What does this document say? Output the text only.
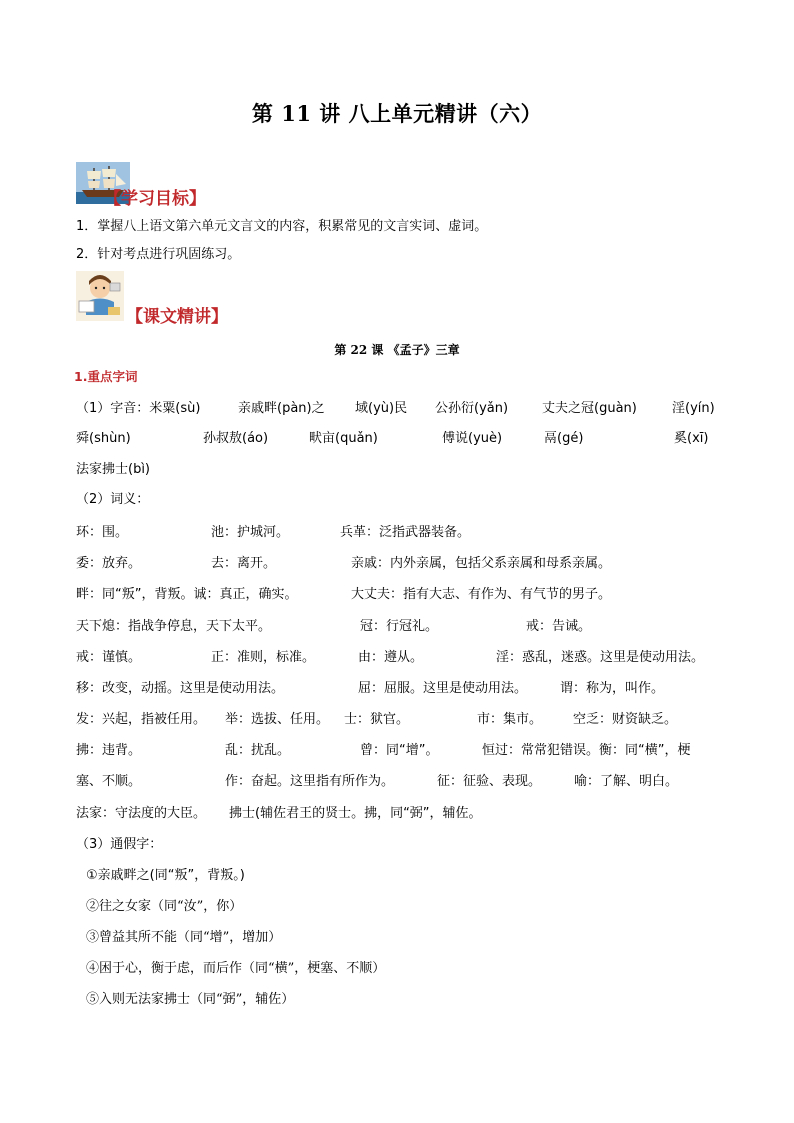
第 11 讲 八上单元精讲（六）
【学习目标】
1．掌握八上语文第六单元文言文的内容，积累常见的文言实词、虚词。
2．针对考点进行巩固练习。
【课文精讲】
第 22 课 《孟子》三章
1.重点字词
（1）字音：米粟(sù)	亲戚畔(pàn)之 域(yù)民 公孙衍(yǎn)	丈夫之冠(guàn)	淫(yín)
舜(shùn)	孙叔敖(áo)	畎亩(quǎn)	傅说(yuè)	鬲(gé)	奚(xī)
法家拂士(bì)
（2）词义：
环：围。	池：护城河。	兵革：泛指武器装备。
委：放弃。	去：离开。	亲戚：内外亲属，包括父系亲属和母系亲属。
畔：同“叛”，背叛。诚：真正，确实。	大丈夫：指有大志、有作为、有气节的男子。
天下熄：指战争停息，天下太平。	冠：行冠礼。	戒：告诫。
戒：谨慎。	正：准则，标准。	由：遵从。	淫：惑乱，迷惑。这里是使动用法。
移：改变，动摇。这里是使动用法。	屈：屈服。这里是使动用法。	谓：称为，叫作。
发：兴起，指被任用。 举：选拔、任用。 士：狱官。	市：集市。 空乏：财资缺乏。
拂：违背。	乱：扰乱。	曾：同“增”。	恒过：常常犯错误。衡：同“横”，梗
塞、不顺。	作：奋起。这里指有所作为。	征：征验、表现。	喻：了解、明白。
法家：守法度的大臣。 拂士(辅佐君王的贤士。拂，同“弼”，辅佐。
（3）通假字：
①亲戚畔之(同“叛”，背叛。)
②往之女家（同“汝”，你）
③曾益其所不能（同“增”，增加）
④困于心，衡于虑，而后作（同“横”，梗塞、不顺）
⑤入则无法家拂士（同“弼”，辅佐）
